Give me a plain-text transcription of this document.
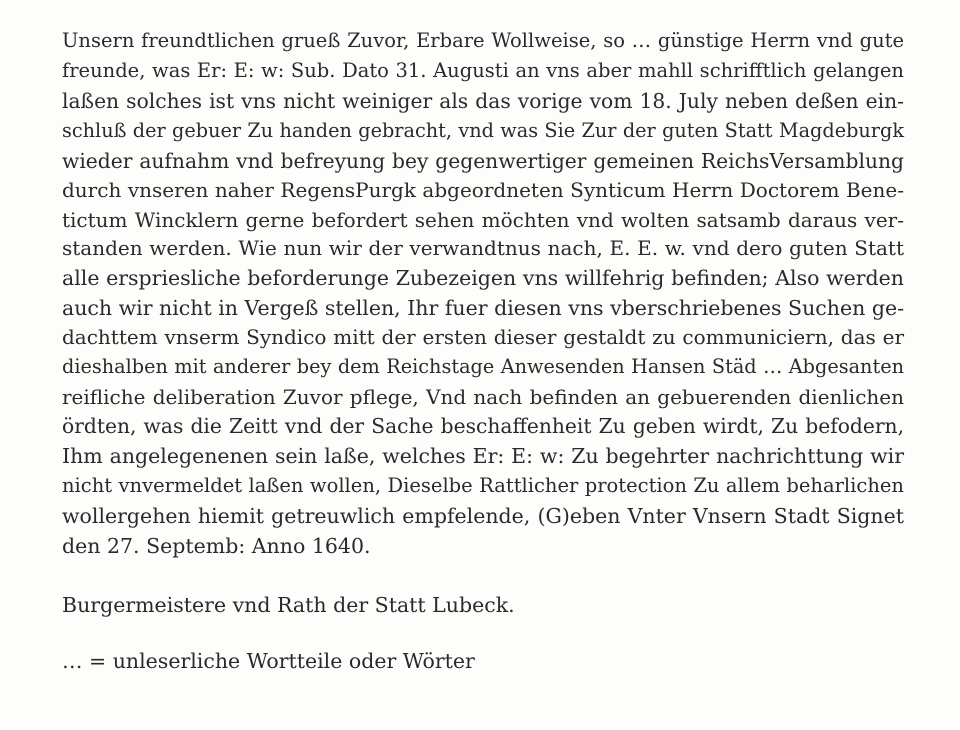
Unsern freundtlichen grueß Zuvor, Erbare Wollweise, so … günstige Herrn vnd gute
freunde, was Er: E: w: Sub. Dato 31. Augusti an vns aber mahll schrifftlich gelangen
laßen solches ist vns nicht weiniger als das vorige vom 18. July neben deßen ein-
schluß der gebuer Zu handen gebracht, vnd was Sie Zur der guten Statt Magdeburgk
wieder aufnahm vnd befreyung bey gegenwertiger gemeinen ReichsVersamblung
durch vnseren naher RegensPurgk abgeordneten Synticum Herrn Doctorem Bene-
tictum Wincklern gerne befordert sehen möchten vnd wolten satsamb daraus ver-
standen werden. Wie nun wir der verwandtnus nach, E. E. w. vnd dero guten Statt
alle erspriesliche beforderunge Zubezeigen vns willfehrig befinden; Also werden
auch wir nicht in Vergeß stellen, Ihr fuer diesen vns vberschriebenes Suchen ge-
dachttem vnserm Syndico mitt der ersten dieser gestaldt zu communiciern, das er
dieshalben mit anderer bey dem Reichstage Anwesenden Hansen Städ … Abgesanten
reifliche deliberation Zuvor pflege, Vnd nach befinden an gebuerenden dienlichen
ördten, was die Zeitt vnd der Sache beschaffenheit Zu geben wirdt, Zu befodern,
Ihm angelegenenen sein laße, welches Er: E: w: Zu begehrter nachrichttung wir
nicht vnvermeldet laßen wollen, Dieselbe Rattlicher protection Zu allem beharlichen
wollergehen hiemit getreuwlich empfelende, (G)eben Vnter Vnsern Stadt Signet
den 27. Septemb: Anno 1640.
Burgermeistere vnd Rath der Statt Lubeck.
… = unleserliche Wortteile oder Wörter
